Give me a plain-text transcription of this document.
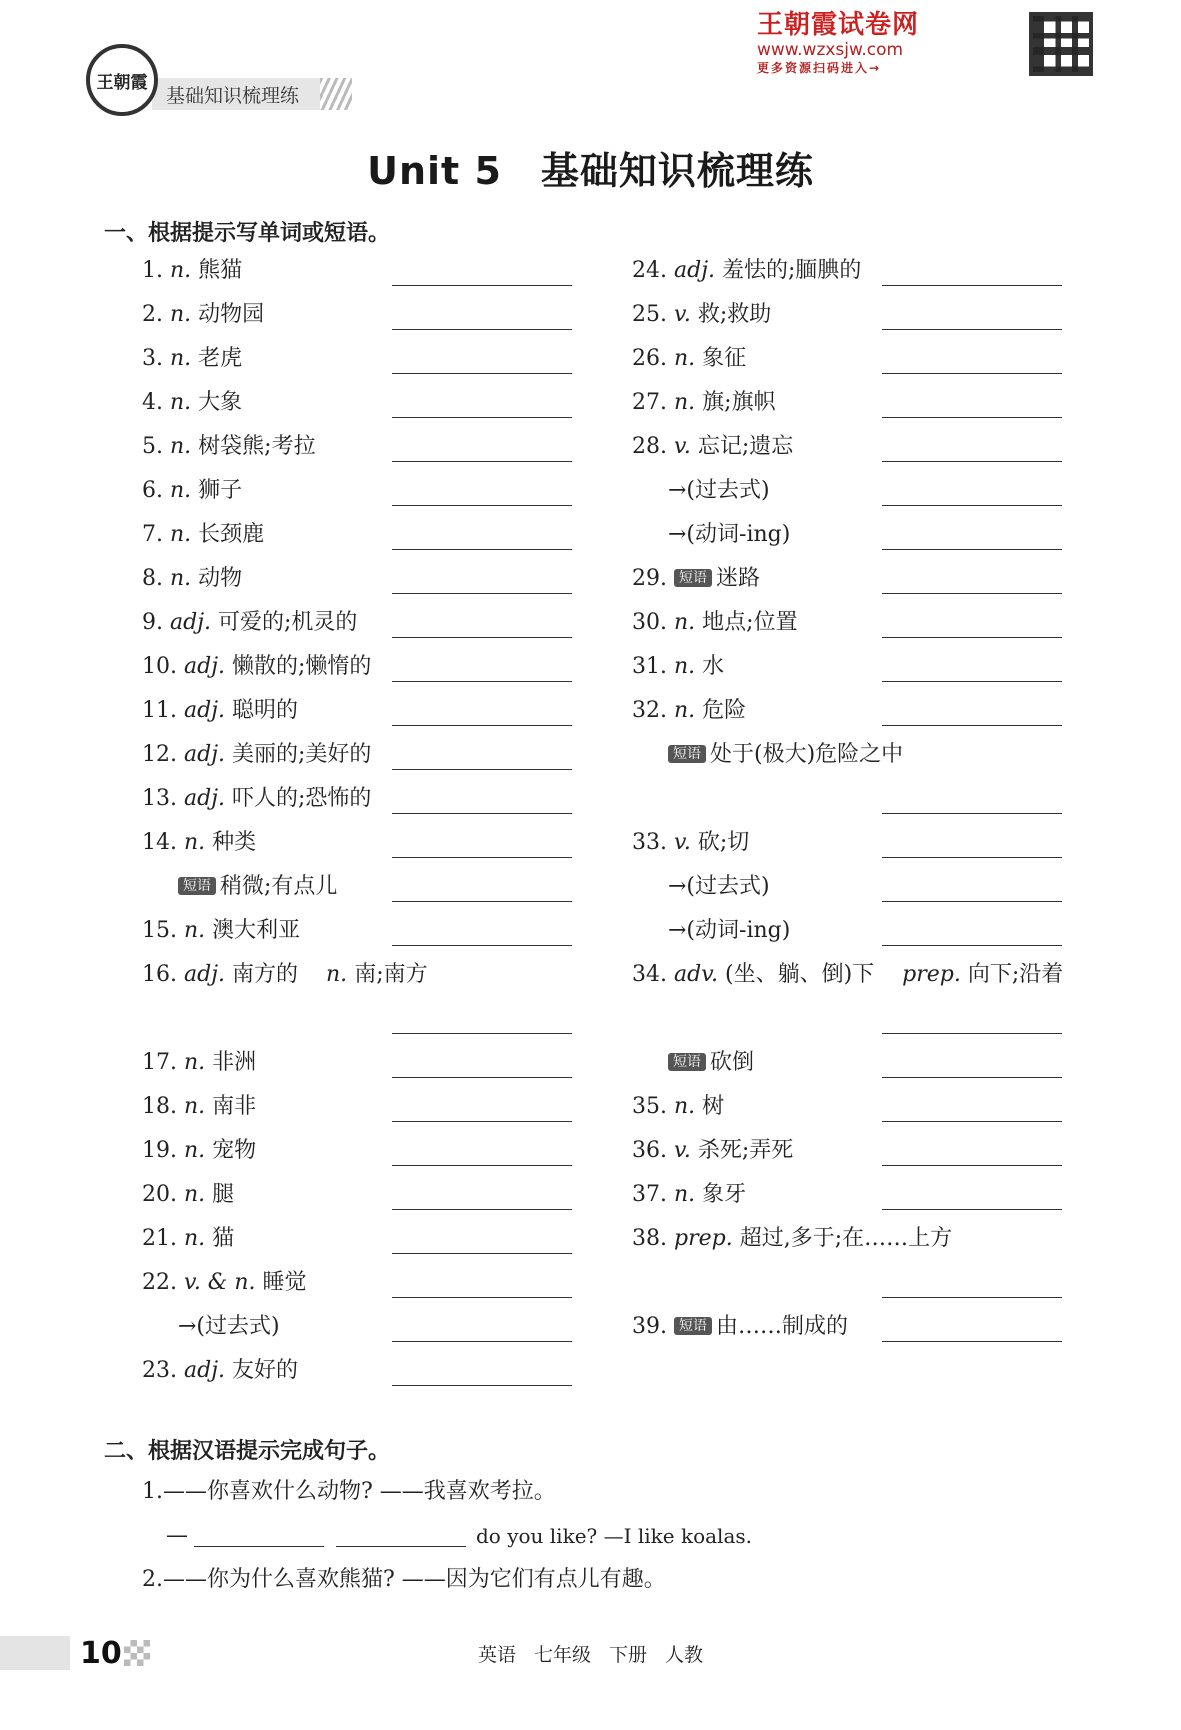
基础知识梳理练
王朝霞
王朝霞试卷网
www.wzxsjw.com
更多资源扫码进入→
Unit 5　基础知识梳理练
一、根据提示写单词或短语。
1. n. 熊猫
2. n. 动物园
3. n. 老虎
4. n. 大象
5. n. 树袋熊;考拉
6. n. 狮子
7. n. 长颈鹿
8. n. 动物
9. adj. 可爱的;机灵的
10. adj. 懒散的;懒惰的
11. adj. 聪明的
12. adj. 美丽的;美好的
13. adj. 吓人的;恐怖的
14. n. 种类
短语 稍微;有点儿
15. n. 澳大利亚
16. adj. 南方的 n. 南;南方
17. n. 非洲
18. n. 南非
19. n. 宠物
20. n. 腿
21. n. 猫
22. v. & n. 睡觉
→(过去式)
23. adj. 友好的
24. adj. 羞怯的;腼腆的
25. v. 救;救助
26. n. 象征
27. n. 旗;旗帜
28. v. 忘记;遗忘
→(过去式)
→(动词-ing)
29. 短语 迷路
30. n. 地点;位置
31. n. 水
32. n. 危险
短语 处于(极大)危险之中
33. v. 砍;切
→(过去式)
→(动词-ing)
34. adv. (坐、躺、倒)下 prep. 向下;沿着
短语 砍倒
35. n. 树
36. v. 杀死;弄死
37. n. 象牙
38. prep. 超过,多于;在……上方
39. 短语 由……制成的
二、根据汉语提示完成句子。
1.——你喜欢什么动物? ——我喜欢考拉。
—	do you like? —I like koalas.
2.——你为什么喜欢熊猫? ——因为它们有点儿有趣。
10	英语 七年级 下册 人教
